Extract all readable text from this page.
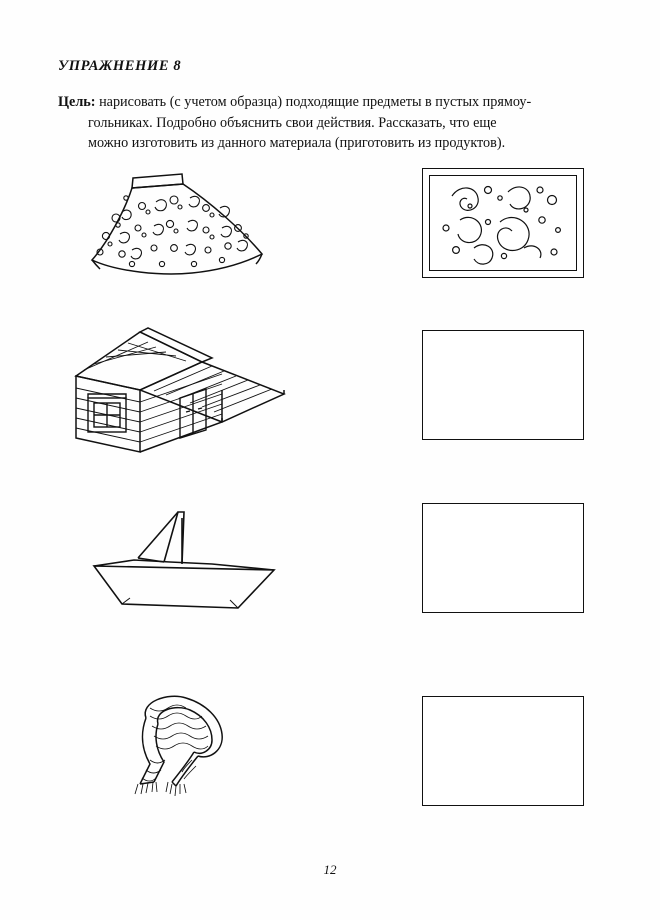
УПРАЖНЕНИЕ 8
Цель: нарисовать (с учетом образца) подходящие предметы в пустых прямоу-
гольниках. Подробно объяснить свои действия. Рассказать, что еще
можно изготовить из данного материала (приготовить из продуктов).
12
